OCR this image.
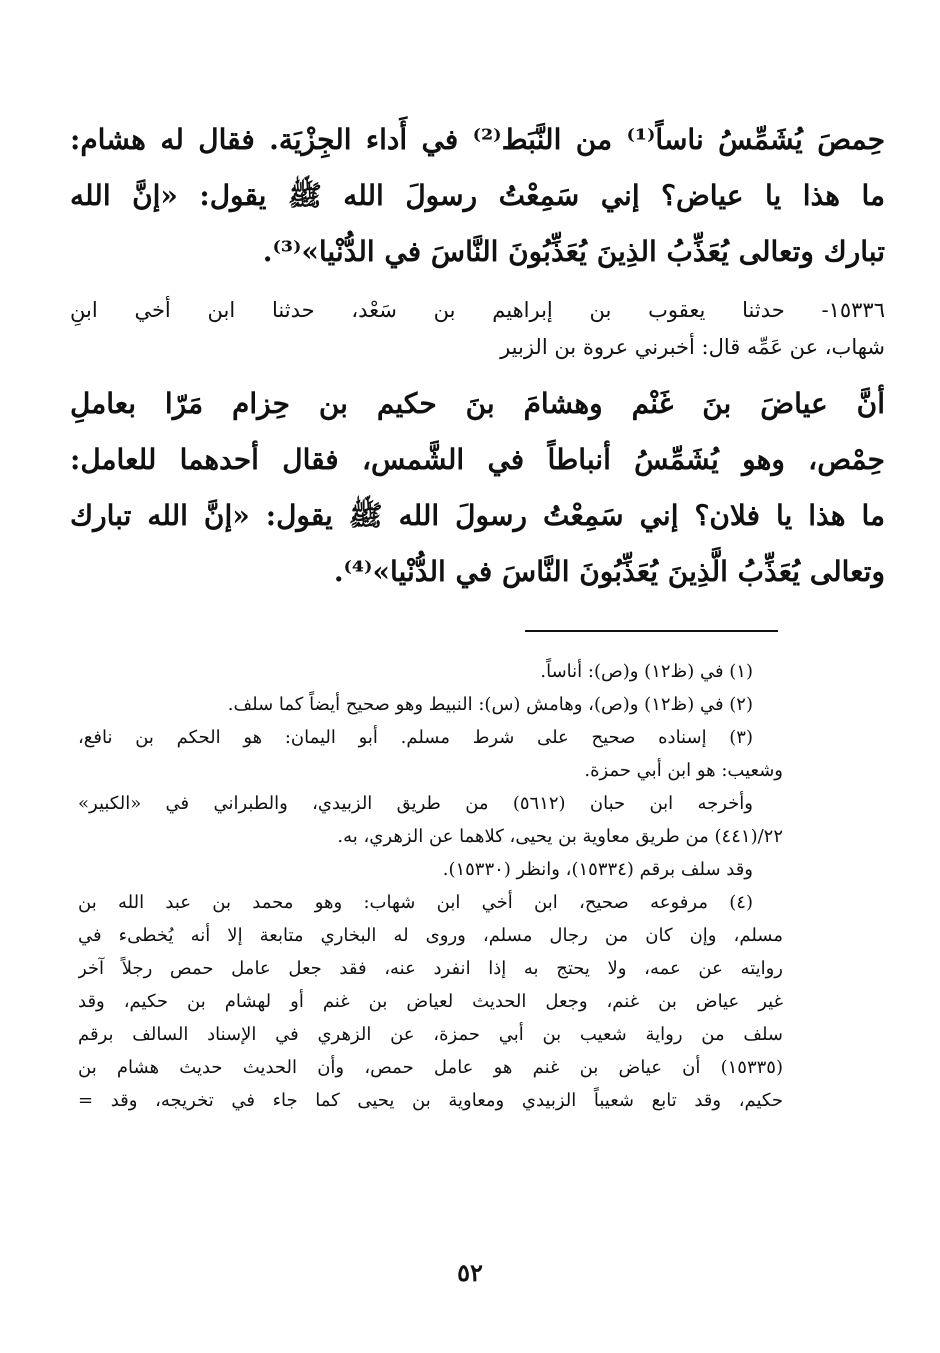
حِمصَ يُشَمِّسُ ناساً⁽¹⁾ من النَّبَط⁽²⁾ في أَداء الجِزْيَة. فقال له هشام:
ما هذا يا عياض؟ إني سَمِعْتُ رسولَ الله ﷺ يقول: «إنَّ الله
تبارك وتعالى يُعَذِّبُ الذِينَ يُعَذِّبُونَ النَّاسَ في الدُّنْيا»⁽³⁾.
١٥٣٣٦- حدثنا يعقوب بن إبراهيم بن سَعْد، حدثنا ابن أخي ابنِ
شهاب، عن عَمِّه قال: أخبرني عروة بن الزبير
أنَّ عياضَ بنَ غَنْم وهشامَ بنَ حكيم بن حِزام مَرّا بعاملِ
حِمْص، وهو يُشَمِّسُ أنباطاً في الشَّمس، فقال أحدهما للعامل:
ما هذا يا فلان؟ إني سَمِعْتُ رسولَ الله ﷺ يقول: «إنَّ الله تبارك
وتعالى يُعَذِّبُ الَّذِينَ يُعَذِّبُونَ النَّاسَ في الدُّنْيا»⁽⁴⁾.
(١) في (ظ١٢) و(ص): أناساً.
(٢) في (ظ١٢) و(ص)، وهامش (س): النبيط وهو صحيح أيضاً كما سلف.
(٣) إسناده صحيح على شرط مسلم. أبو اليمان: هو الحكم بن نافع،
وشعيب: هو ابن أبي حمزة.
وأخرجه ابن حبان (٥٦١٢) من طريق الزبيدي، والطبراني في «الكبير»
٢٢/(٤٤١) من طريق معاوية بن يحيى، كلاهما عن الزهري، به.
وقد سلف برقم (١٥٣٣٤)، وانظر (١٥٣٣٠).
(٤) مرفوعه صحيح، ابن أخي ابن شهاب: وهو محمد بن عبد الله بن
مسلم، وإن كان من رجال مسلم، وروى له البخاري متابعة إلا أنه يُخطىء في
روايته عن عمه، ولا يحتج به إذا انفرد عنه، فقد جعل عامل حمص رجلاً آخر
غير عياض بن غنم، وجعل الحديث لعياض بن غنم أو لهشام بن حكيم، وقد
سلف من رواية شعيب بن أبي حمزة، عن الزهري في الإسناد السالف برقم
(١٥٣٣٥) أن عياض بن غنم هو عامل حمص، وأن الحديث حديث هشام بن
حكيم، وقد تابع شعيباً الزبيدي ومعاوية بن يحيى كما جاء في تخريجه، وقد =
٥٢
